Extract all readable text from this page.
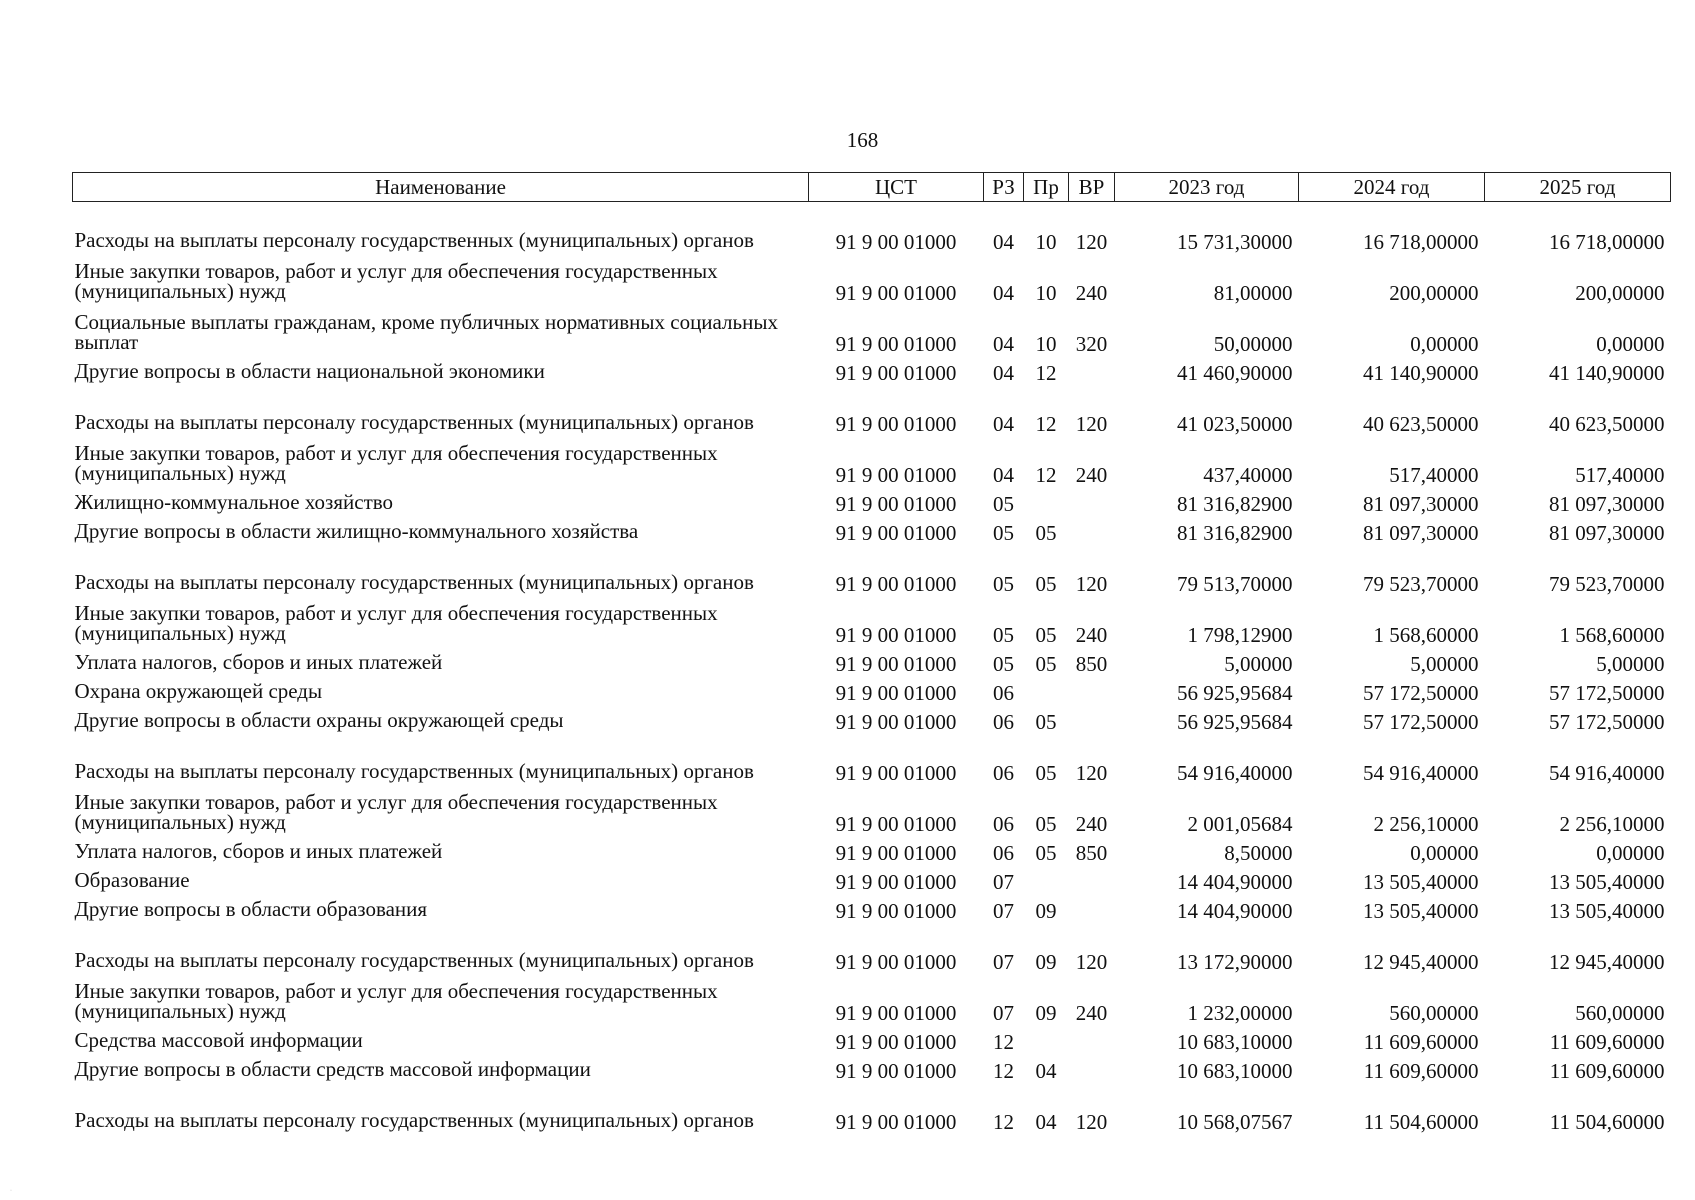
168
Наименование	ЦСТ	РЗ	Пр	ВР	2023 год	2024 год	2025 год
Расходы на выплаты персоналу государственных (муниципальных) органов	91 9 00 01000	04	10	120	15 731,30000	16 718,00000	16 718,00000
Иные закупки товаров, работ и услуг для обеспечения государственных (муниципальных) нужд	91 9 00 01000	04	10	240	81,00000	200,00000	200,00000
Социальные выплаты гражданам, кроме публичных нормативных социальных выплат	91 9 00 01000	04	10	320	50,00000	0,00000	0,00000
Другие вопросы в области национальной экономики	91 9 00 01000	04	12		41 460,90000	41 140,90000	41 140,90000
Расходы на выплаты персоналу государственных (муниципальных) органов	91 9 00 01000	04	12	120	41 023,50000	40 623,50000	40 623,50000
Иные закупки товаров, работ и услуг для обеспечения государственных (муниципальных) нужд	91 9 00 01000	04	12	240	437,40000	517,40000	517,40000
Жилищно-коммунальное хозяйство	91 9 00 01000	05			81 316,82900	81 097,30000	81 097,30000
Другие вопросы в области жилищно-коммунального хозяйства	91 9 00 01000	05	05		81 316,82900	81 097,30000	81 097,30000
Расходы на выплаты персоналу государственных (муниципальных) органов	91 9 00 01000	05	05	120	79 513,70000	79 523,70000	79 523,70000
Иные закупки товаров, работ и услуг для обеспечения государственных (муниципальных) нужд	91 9 00 01000	05	05	240	1 798,12900	1 568,60000	1 568,60000
Уплата налогов, сборов и иных платежей	91 9 00 01000	05	05	850	5,00000	5,00000	5,00000
Охрана окружающей среды	91 9 00 01000	06			56 925,95684	57 172,50000	57 172,50000
Другие вопросы в области охраны окружающей среды	91 9 00 01000	06	05		56 925,95684	57 172,50000	57 172,50000
Расходы на выплаты персоналу государственных (муниципальных) органов	91 9 00 01000	06	05	120	54 916,40000	54 916,40000	54 916,40000
Иные закупки товаров, работ и услуг для обеспечения государственных (муниципальных) нужд	91 9 00 01000	06	05	240	2 001,05684	2 256,10000	2 256,10000
Уплата налогов, сборов и иных платежей	91 9 00 01000	06	05	850	8,50000	0,00000	0,00000
Образование	91 9 00 01000	07			14 404,90000	13 505,40000	13 505,40000
Другие вопросы в области образования	91 9 00 01000	07	09		14 404,90000	13 505,40000	13 505,40000
Расходы на выплаты персоналу государственных (муниципальных) органов	91 9 00 01000	07	09	120	13 172,90000	12 945,40000	12 945,40000
Иные закупки товаров, работ и услуг для обеспечения государственных (муниципальных) нужд	91 9 00 01000	07	09	240	1 232,00000	560,00000	560,00000
Средства массовой информации	91 9 00 01000	12			10 683,10000	11 609,60000	11 609,60000
Другие вопросы в области средств массовой информации	91 9 00 01000	12	04		10 683,10000	11 609,60000	11 609,60000
Расходы на выплаты персоналу государственных (муниципальных) органов	91 9 00 01000	12	04	120	10 568,07567	11 504,60000	11 504,60000
·
